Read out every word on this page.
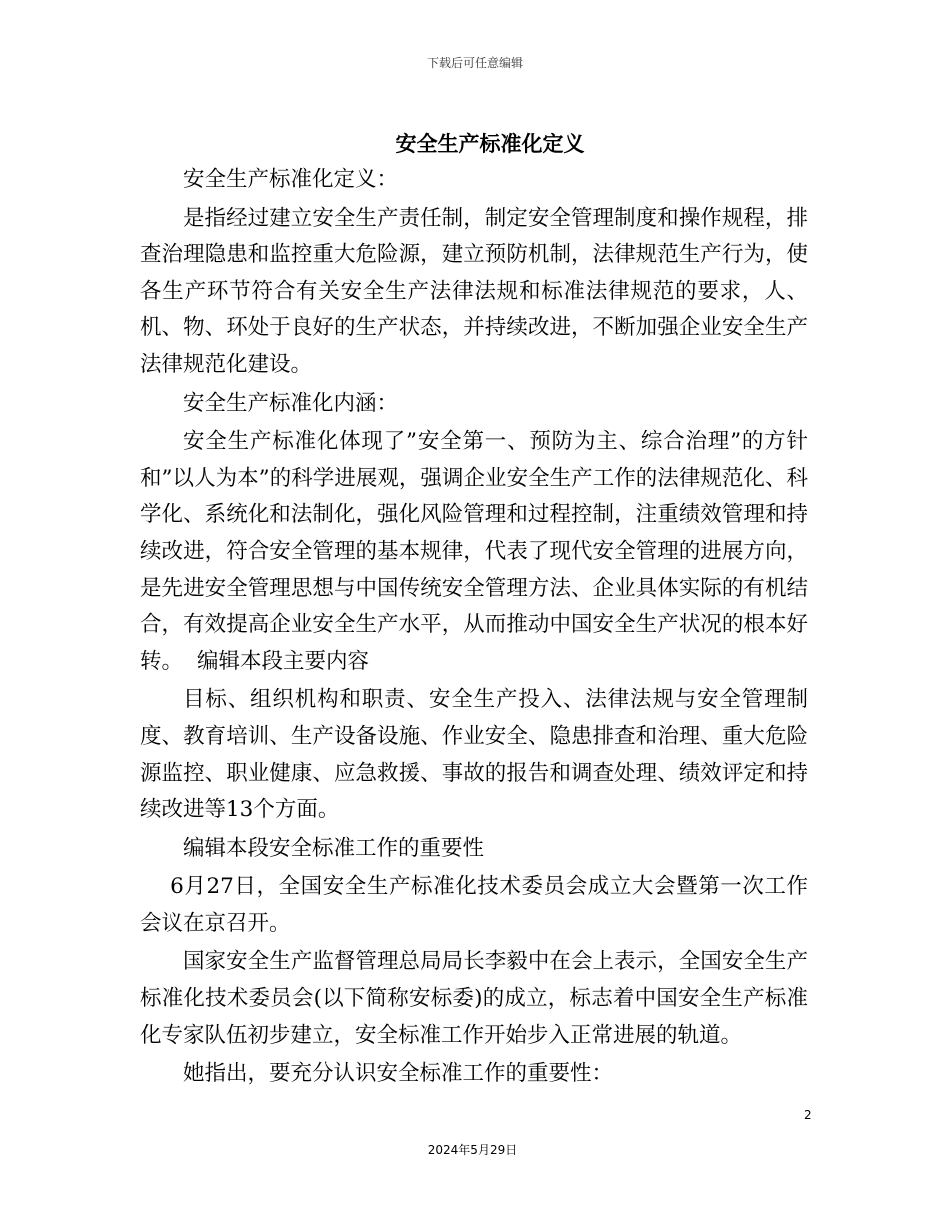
下载后可任意编辑
安全生产标准化定义

安全生产标准化定义：

是指经过建立安全生产责任制，制定安全管理制度和操作规程，排查治理隐患和监控重大危险源，建立预防机制，法律规范生产行为，使各生产环节符合有关安全生产法律法规和标准法律规范的要求，人、机、物、环处于良好的生产状态，并持续改进，不断加强企业安全生产法律规范化建设。

安全生产标准化内涵：

安全生产标准化体现了”安全第一、预防为主、综合治理”的方针和”以人为本”的科学进展观，强调企业安全生产工作的法律规范化、科学化、系统化和法制化，强化风险管理和过程控制，注重绩效管理和持续改进，符合安全管理的基本规律，代表了现代安全管理的进展方向，是先进安全管理思想与中国传统安全管理方法、企业具体实际的有机结合，有效提高企业安全生产水平，从而推动中国安全生产状况的根本好转。 编辑本段主要内容

目标、组织机构和职责、安全生产投入、法律法规与安全管理制度、教育培训、生产设备设施、作业安全、隐患排查和治理、重大危险源监控、职业健康、应急救援、事故的报告和调查处理、绩效评定和持续改进等13个方面。

编辑本段安全标准工作的重要性

6月27日，全国安全生产标准化技术委员会成立大会暨第一次工作会议在京召开。

国家安全生产监督管理总局局长李毅中在会上表示，全国安全生产标准化技术委员会(以下简称安标委)的成立，标志着中国安全生产标准化专家队伍初步建立，安全标准工作开始步入正常进展的轨道。

她指出，要充分认识安全标准工作的重要性：

2
2024年5月29日
